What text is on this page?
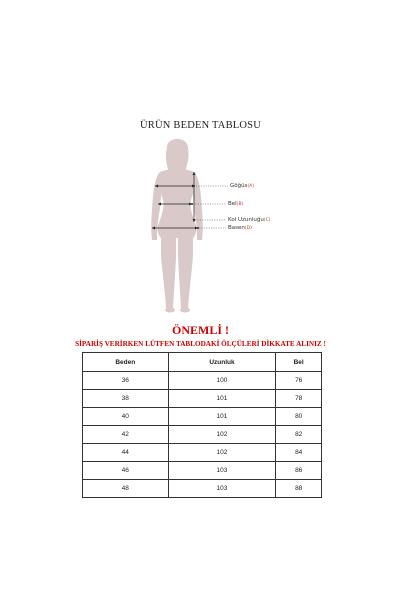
ÜRÜN BEDEN TABLOSU
Göğüs(A)
Bel(B)
Kol Uzunluğu(C)
Basen(D)
ÖNEMLİ !
SİPARİŞ VERİRKEN LÜTFEN TABLODAKİ ÖLÇÜLERİ DİKKATE ALINIZ !
Beden	Uzunluk	Bel
36	100	76
38	101	78
40	101	80
42	102	82
44	102	84
46	103	86
48	103	88
